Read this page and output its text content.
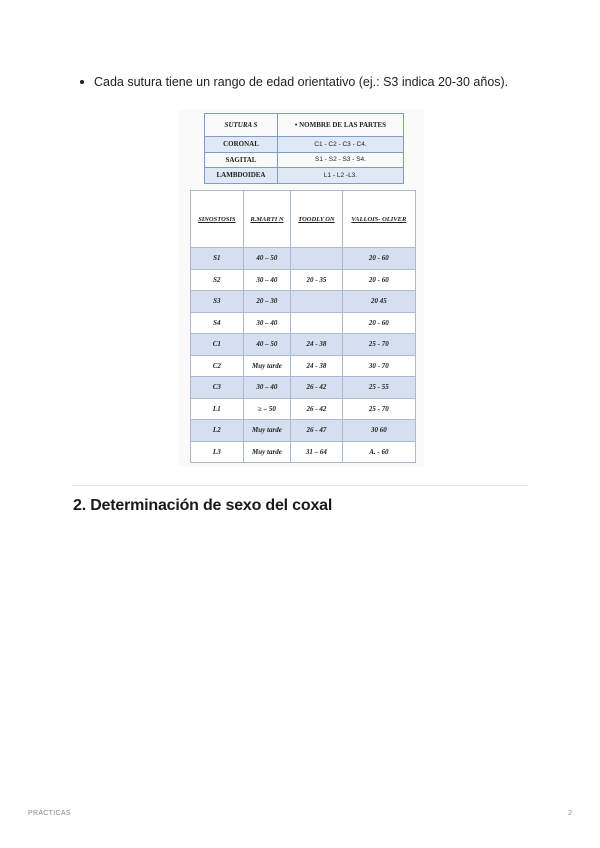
Cada sutura tiene un rango de edad orientativo (ej.: S3 indica 20-30 años).
SUTURA S	• NOMBRE DE LAS PARTES
CORONAL	C1 - C2 - C3 - C4.
SAGITAL	S1 - S2 - S3 - S4.
LAMBDOIDEA	L1 - L2 -L3.
SINOSTOSIS	R.MARTI N	TOODLY ON	VALLOIS- OLIVER
S1	40 – 50		20 - 60
S2	30 – 40	20 - 35	20 - 60
S3	20 – 30		20 45
S4	30 – 40		20 - 60
C1	40 – 50	24 - 38	25 - 70
C2	Muy tarde	24 - 38	30 - 70
C3	30 – 40	26 - 42	25 - 55
L1	≥ – 50	26 - 42	25 - 70
L2	Muy tarde	26 - 47	30 60
L3	Muy tarde	31 – 64	A. - 60
2. Determinación de sexo del coxal
PRÁCTICAS	2
